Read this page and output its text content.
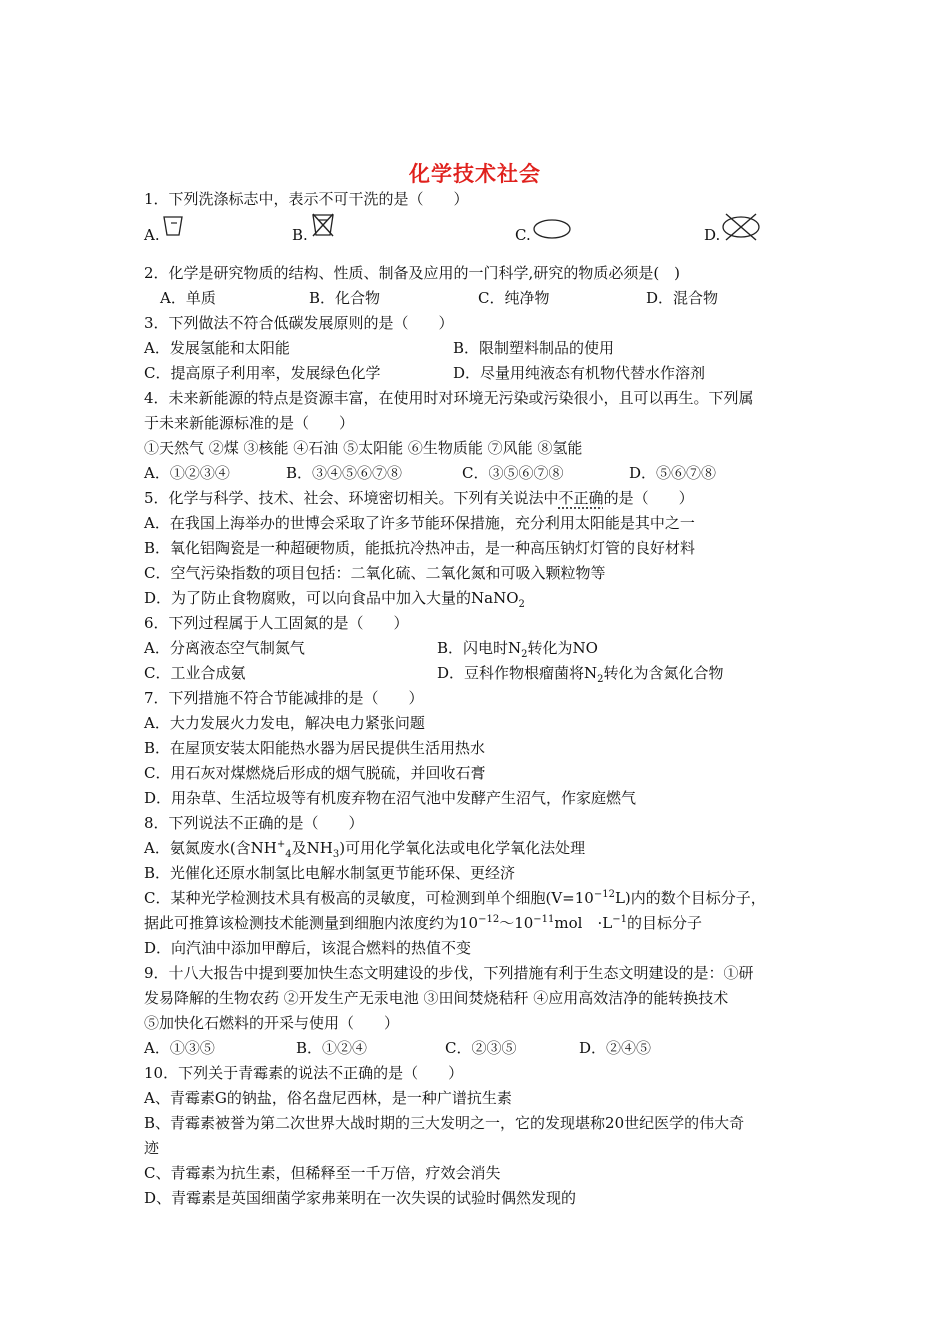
化学技术社会
1．下列洗涤标志中，表示不可干洗的是（　　）
A.	B.	C.	D.
2．化学是研究物质的结构、性质、制备及应用的一门科学,研究的物质必须是(　)
A．单质	B．化合物	C．纯净物	D．混合物
3．下列做法不符合低碳发展原则的是（　　）
A．发展氢能和太阳能	B．限制塑料制品的使用
C．提高原子利用率，发展绿色化学	D．尽量用纯液态有机物代替水作溶剂
4．未来新能源的特点是资源丰富，在使用时对环境无污染或污染很小，且可以再生。下列属
于未来新能源标准的是（　　）
①天然气 ②煤 ③核能 ④石油 ⑤太阳能 ⑥生物质能 ⑦风能 ⑧氢能
A．①②③④	B．③④⑤⑥⑦⑧	C．③⑤⑥⑦⑧	D．⑤⑥⑦⑧
5．化学与科学、技术、社会、环境密切相关。下列有关说法中不正确的是（　　）
A．在我国上海举办的世博会采取了许多节能环保措施，充分利用太阳能是其中之一
B．氧化铝陶瓷是一种超硬物质，能抵抗冷热冲击，是一种高压钠灯灯管的良好材料
C．空气污染指数的项目包括：二氧化硫、二氧化氮和可吸入颗粒物等
D．为了防止食物腐败，可以向食品中加入大量的NaNO$_2$
6．下列过程属于人工固氮的是（　　）
A．分离液态空气制氮气	B．闪电时$N_2$转化为NO
C．工业合成氨	D．豆科作物根瘤菌将$N_2$转化为含氮化合物
7．下列措施不符合节能减排的是（　　）
A．大力发展火力发电，解决电力紧张问题
B．在屋顶安装太阳能热水器为居民提供生活用热水
C．用石灰对煤燃烧后形成的烟气脱硫，并回收石膏
D．用杂草、生活垃圾等有机废弃物在沼气池中发酵产生沼气，作家庭燃气
8．下列说法不正确的是（　　）
A．氨氮废水(含$NH^+_4$及$NH_3$)可用化学氧化法或电化学氧化法处理
B．光催化还原水制氢比电解水制氢更节能环保、更经济
C．某种光学检测技术具有极高的灵敏度，可检测到单个细胞$(V=10^{-12}L)$内的数个目标分子，
据此可推算该检测技术能测量到细胞内浓度约为$10^{-12}\sim 10^{-11}mol$　$\cdot L^{-1}$的目标分子
D．向汽油中添加甲醇后，该混合燃料的热值不变
9．十八大报告中提到要加快生态文明建设的步伐，下列措施有利于生态文明建设的是：①研
发易降解的生物农药 ②开发生产无汞电池 ③田间焚烧秸秆 ④应用高效洁净的能转换技术
⑤加快化石燃料的开采与使用（　　）
A．①③⑤	B．①②④	C．②③⑤	D．②④⑤
10．下列关于青霉素的说法不正确的是（　　）
A、青霉素G的钠盐，俗名盘尼西林，是一种广谱抗生素
B、青霉素被誉为第二次世界大战时期的三大发明之一，它的发现堪称20世纪医学的伟大奇
迹
C、青霉素为抗生素，但稀释至一千万倍，疗效会消失
D、青霉素是英国细菌学家弗莱明在一次失误的试验时偶然发现的
